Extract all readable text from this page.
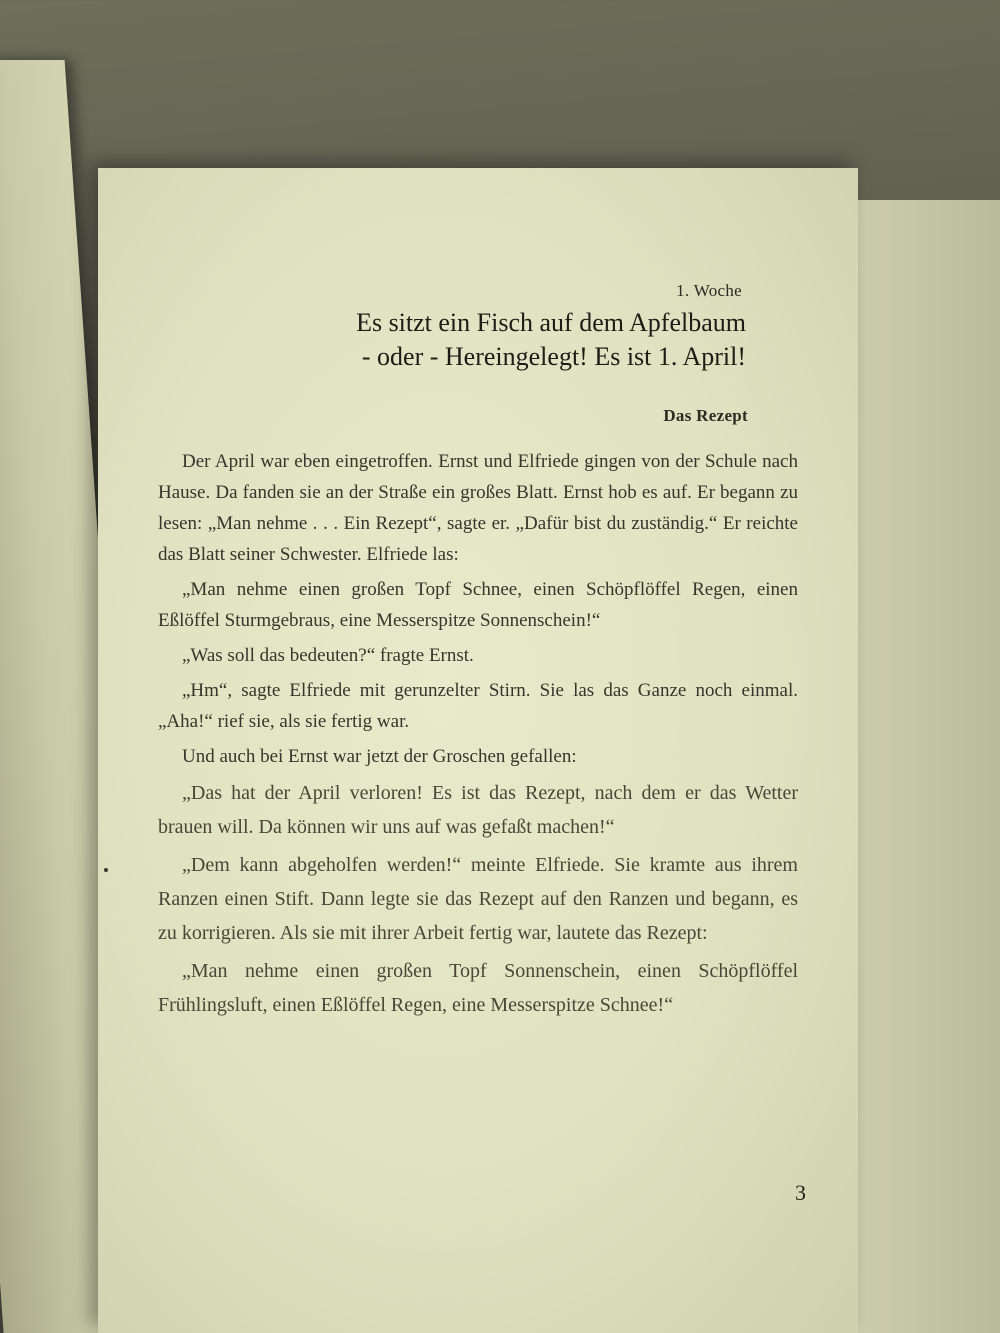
1. Woche
Es sitzt ein Fisch auf dem Apfelbaum
- oder - Hereingelegt! Es ist 1. April!
Das Rezept

Der April war eben eingetroffen. Ernst und Elfriede gingen von der Schule nach Hause. Da fanden sie an der Straße ein großes Blatt. Ernst hob es auf. Er begann zu lesen: „Man nehme . . . Ein Rezept“, sagte er. „Dafür bist du zuständig.“ Er reichte das Blatt seiner Schwester. Elfriede las:

„Man nehme einen großen Topf Schnee, einen Schöpflöffel Regen, einen Eßlöffel Sturmgebraus, eine Messerspitze Sonnenschein!“

„Was soll das bedeuten?“ fragte Ernst.

„Hm“, sagte Elfriede mit gerunzelter Stirn. Sie las das Ganze noch einmal. „Aha!“ rief sie, als sie fertig war.

Und auch bei Ernst war jetzt der Groschen gefallen:

„Das hat der April verloren! Es ist das Rezept, nach dem er das Wetter brauen will. Da können wir uns auf was gefaßt machen!“

„Dem kann abgeholfen werden!“ meinte Elfriede. Sie kramte aus ihrem Ranzen einen Stift. Dann legte sie das Rezept auf den Ranzen und begann, es zu korrigieren. Als sie mit ihrer Arbeit fertig war, lautete das Rezept:

„Man nehme einen großen Topf Sonnenschein, einen Schöpflöffel Frühlingsluft, einen Eßlöffel Regen, eine Messerspitze Schnee!“

3
